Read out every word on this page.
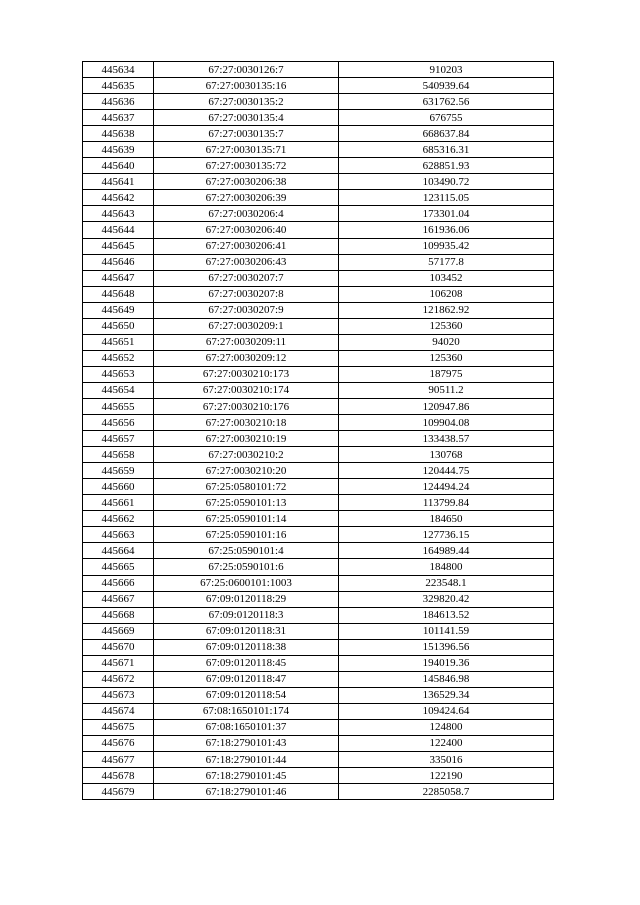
445634	67:27:0030126:7	910203
445635	67:27:0030135:16	540939.64
445636	67:27:0030135:2	631762.56
445637	67:27:0030135:4	676755
445638	67:27:0030135:7	668637.84
445639	67:27:0030135:71	685316.31
445640	67:27:0030135:72	628851.93
445641	67:27:0030206:38	103490.72
445642	67:27:0030206:39	123115.05
445643	67:27:0030206:4	173301.04
445644	67:27:0030206:40	161936.06
445645	67:27:0030206:41	109935.42
445646	67:27:0030206:43	57177.8
445647	67:27:0030207:7	103452
445648	67:27:0030207:8	106208
445649	67:27:0030207:9	121862.92
445650	67:27:0030209:1	125360
445651	67:27:0030209:11	94020
445652	67:27:0030209:12	125360
445653	67:27:0030210:173	187975
445654	67:27:0030210:174	90511.2
445655	67:27:0030210:176	120947.86
445656	67:27:0030210:18	109904.08
445657	67:27:0030210:19	133438.57
445658	67:27:0030210:2	130768
445659	67:27:0030210:20	120444.75
445660	67:25:0580101:72	124494.24
445661	67:25:0590101:13	113799.84
445662	67:25:0590101:14	184650
445663	67:25:0590101:16	127736.15
445664	67:25:0590101:4	164989.44
445665	67:25:0590101:6	184800
445666	67:25:0600101:1003	223548.1
445667	67:09:0120118:29	329820.42
445668	67:09:0120118:3	184613.52
445669	67:09:0120118:31	101141.59
445670	67:09:0120118:38	151396.56
445671	67:09:0120118:45	194019.36
445672	67:09:0120118:47	145846.98
445673	67:09:0120118:54	136529.34
445674	67:08:1650101:174	109424.64
445675	67:08:1650101:37	124800
445676	67:18:2790101:43	122400
445677	67:18:2790101:44	335016
445678	67:18:2790101:45	122190
445679	67:18:2790101:46	2285058.7
